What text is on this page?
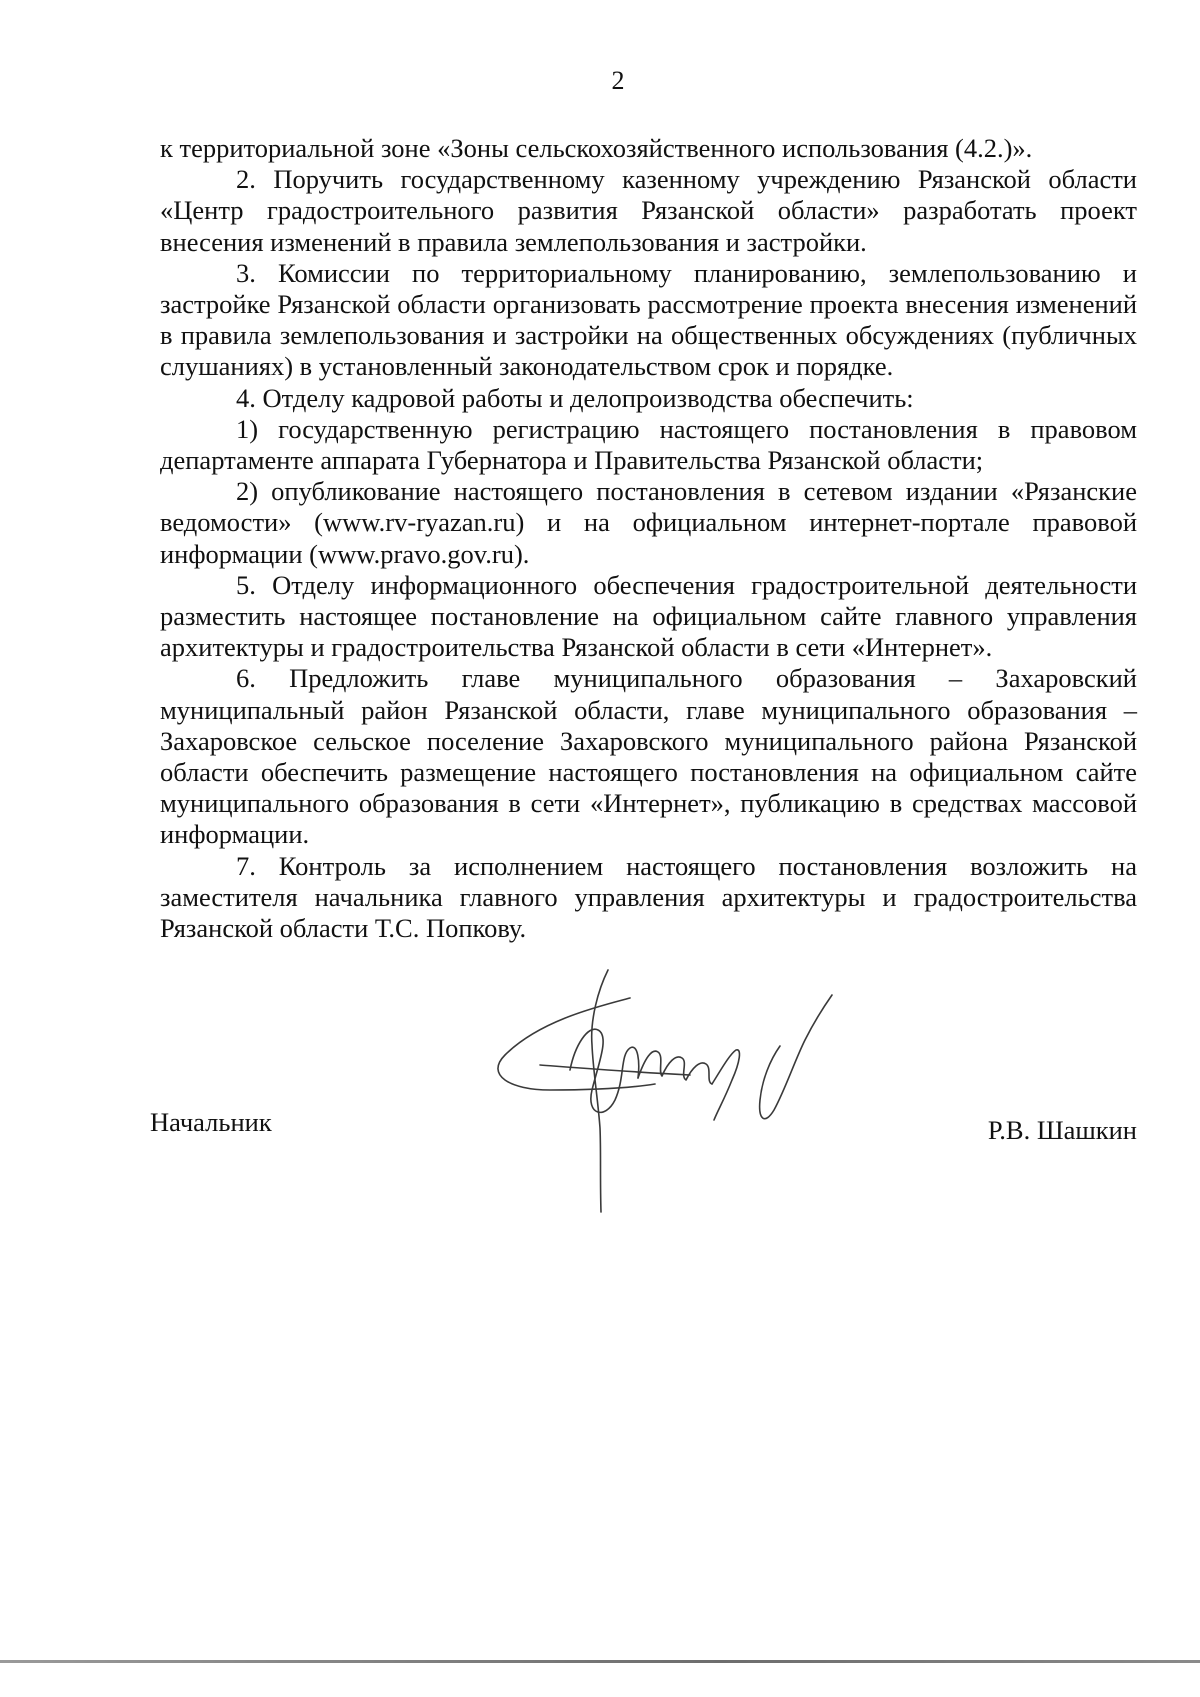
2

к территориальной зоне «Зоны сельскохозяйственного использования (4.2.)».

2. Поручить государственному казенному учреждению Рязанской области «Центр градостроительного развития Рязанской области» разработать проект внесения изменений в правила землепользования и застройки.

3. Комиссии по территориальному планированию, землепользованию и застройке Рязанской области организовать рассмотрение проекта внесения изменений в правила землепользования и застройки на общественных обсуждениях (публичных слушаниях) в установленный законодательством срок и порядке.

4. Отделу кадровой работы и делопроизводства обеспечить:

1) государственную регистрацию настоящего постановления в правовом департаменте аппарата Губернатора и Правительства Рязанской области;

2) опубликование настоящего постановления в сетевом издании «Рязанские ведомости» (www.rv-ryazan.ru) и на официальном интернет-портале правовой информации (www.pravo.gov.ru).

5. Отделу информационного обеспечения градостроительной деятельности разместить настоящее постановление на официальном сайте главного управления архитектуры и градостроительства Рязанской области в сети «Интернет».

6. Предложить главе муниципального образования – Захаровский муниципальный район Рязанской области, главе муниципального образования – Захаровское сельское поселение Захаровского муниципального района Рязанской области обеспечить размещение настоящего постановления на официальном сайте муниципального образования в сети «Интернет», публикацию в средствах массовой информации.

7. Контроль за исполнением настоящего постановления возложить на заместителя начальника главного управления архитектуры и градостроительства Рязанской области Т.С. Попкову.

Начальник	Р.В. Шашкин
